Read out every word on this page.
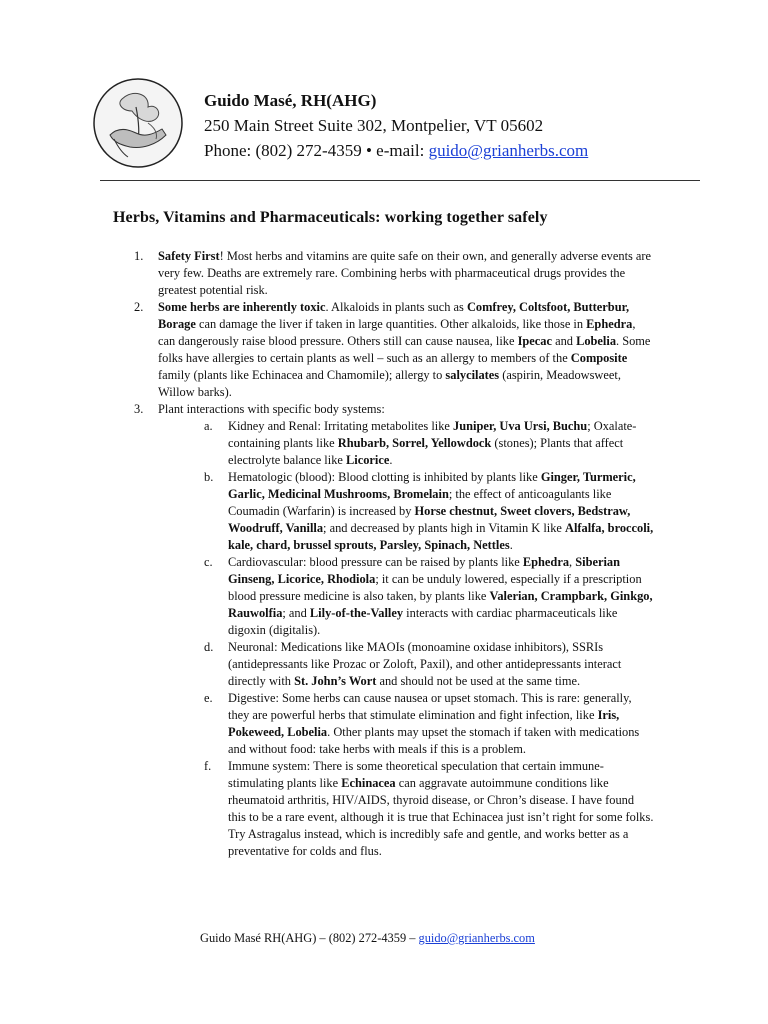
Guido Masé, RH(AHG)
250 Main Street Suite 302, Montpelier, VT 05602
Phone: (802) 272-4359 • e-mail: guido@grianherbs.com
Herbs, Vitamins and Pharmaceuticals: working together safely
1. Safety First! Most herbs and vitamins are quite safe on their own, and generally adverse events are very few. Deaths are extremely rare. Combining herbs with pharmaceutical drugs provides the greatest potential risk.
2. Some herbs are inherently toxic. Alkaloids in plants such as Comfrey, Coltsfoot, Butterbur, Borage can damage the liver if taken in large quantities. Other alkaloids, like those in Ephedra, can dangerously raise blood pressure. Others still can cause nausea, like Ipecac and Lobelia. Some folks have allergies to certain plants as well – such as an allergy to members of the Composite family (plants like Echinacea and Chamomile); allergy to salycilates (aspirin, Meadowsweet, Willow barks).
3. Plant interactions with specific body systems:
a. Kidney and Renal: Irritating metabolites like Juniper, Uva Ursi, Buchu; Oxalate-containing plants like Rhubarb, Sorrel, Yellowdock (stones); Plants that affect electrolyte balance like Licorice.
b. Hematologic (blood): Blood clotting is inhibited by plants like Ginger, Turmeric, Garlic, Medicinal Mushrooms, Bromelain; the effect of anticoagulants like Coumadin (Warfarin) is increased by Horse chestnut, Sweet clovers, Bedstraw, Woodruff, Vanilla; and decreased by plants high in Vitamin K like Alfalfa, broccoli, kale, chard, brussel sprouts, Parsley, Spinach, Nettles.
c. Cardiovascular: blood pressure can be raised by plants like Ephedra, Siberian Ginseng, Licorice, Rhodiola; it can be unduly lowered, especially if a prescription blood pressure medicine is also taken, by plants like Valerian, Crampbark, Ginkgo, Rauwolfia; and Lily-of-the-Valley interacts with cardiac pharmaceuticals like digoxin (digitalis).
d. Neuronal: Medications like MAOIs (monoamine oxidase inhibitors), SSRIs (antidepressants like Prozac or Zoloft, Paxil), and other antidepressants interact directly with St. John’s Wort and should not be used at the same time.
e. Digestive: Some herbs can cause nausea or upset stomach. This is rare: generally, they are powerful herbs that stimulate elimination and fight infection, like Iris, Pokeweed, Lobelia. Other plants may upset the stomach if taken with medications and without food: take herbs with meals if this is a problem.
f. Immune system: There is some theoretical speculation that certain immune-stimulating plants like Echinacea can aggravate autoimmune conditions like rheumatoid arthritis, HIV/AIDS, thyroid disease, or Chron’s disease. I have found this to be a rare event, although it is true that Echinacea just isn’t right for some folks. Try Astragalus instead, which is incredibly safe and gentle, and works better as a preventative for colds and flus.
Guido Masé RH(AHG) – (802) 272-4359 – guido@grianherbs.com
